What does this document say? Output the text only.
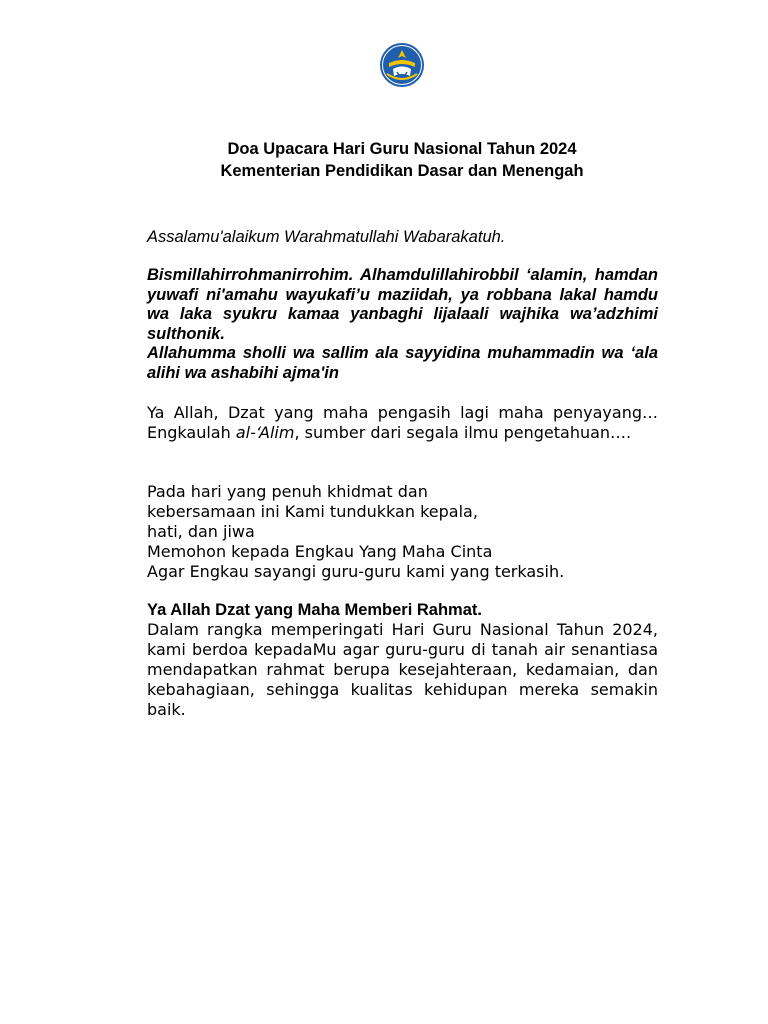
Doa Upacara Hari Guru Nasional Tahun 2024
Kementerian Pendidikan Dasar dan Menengah
Assalamu'alaikum Warahmatullahi Wabarakatuh.

Bismillahirrohmanirrohim. Alhamdulillahirobbil ‘alamin, hamdan yuwafi ni'amahu wayukafi’u maziidah, ya robbana lakal hamdu wa laka syukru kamaa yanbaghi lijalaali wajhika wa’adzhimi sulthonik.

Allahumma sholli wa sallim ala sayyidina muhammadin wa ‘ala alihi wa ashabihi ajma'in

Ya Allah, Dzat yang maha pengasih lagi maha penyayang… Engkaulah al-‘Alim, sumber dari segala ilmu pengetahuan….

Pada hari yang penuh khidmat dan
kebersamaan ini Kami tundukkan kepala,
hati, dan jiwa
Memohon kepada Engkau Yang Maha Cinta
Agar Engkau sayangi guru-guru kami yang terkasih.

Ya Allah Dzat yang Maha Memberi Rahmat.

Dalam rangka memperingati Hari Guru Nasional Tahun 2024, kami berdoa kepadaMu agar guru-guru di tanah air senantiasa mendapatkan rahmat berupa kesejahteraan, kedamaian, dan kebahagiaan, sehingga kualitas kehidupan mereka semakin baik.
